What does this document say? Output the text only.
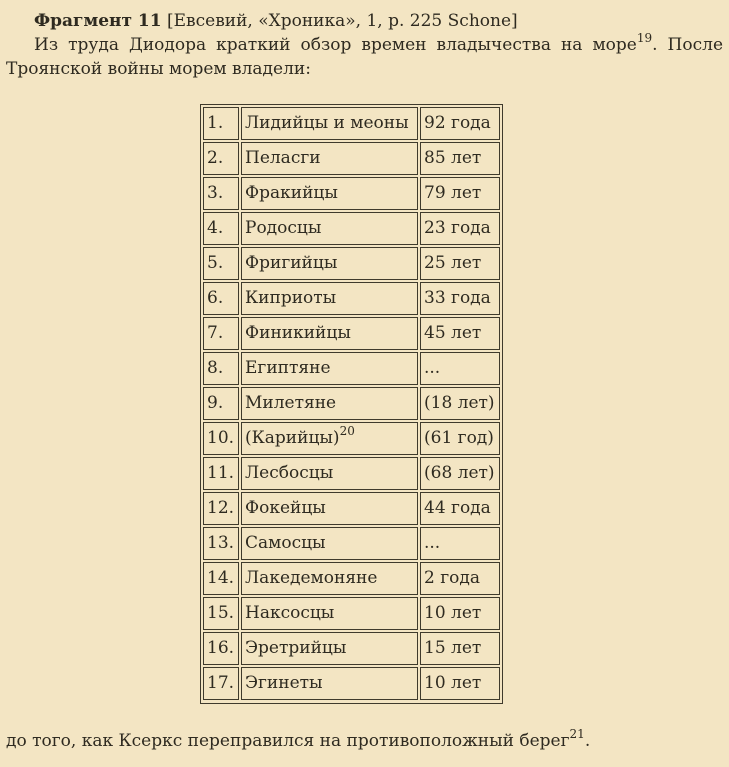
Фрагмент 11 [Евсевий, «Хроника», 1, p. 225 Schone]

Из труда Диодора краткий обзор времен владычества на море$^{19}$. После

Троянской войны морем владели:

1.	Лидийцы и меоны	92 года
2.	Пеласги	85 лет
3.	Фракийцы	79 лет
4.	Родосцы	23 года
5.	Фригийцы	25 лет
6.	Киприоты	33 года
7.	Финикийцы	45 лет
8.	Египтяне	...
9.	Милетяне	(18 лет)
10.	(Карийцы)$^{20}$	(61 год)
11.	Лесбосцы	(68 лет)
12.	Фокейцы	44 года
13.	Самосцы	...
14.	Лакедемоняне	2 года
15.	Наксосцы	10 лет
16.	Эретрийцы	15 лет
17.	Эгинеты	10 лет

до того, как Ксеркс переправился на противоположный берег$^{21}$.
